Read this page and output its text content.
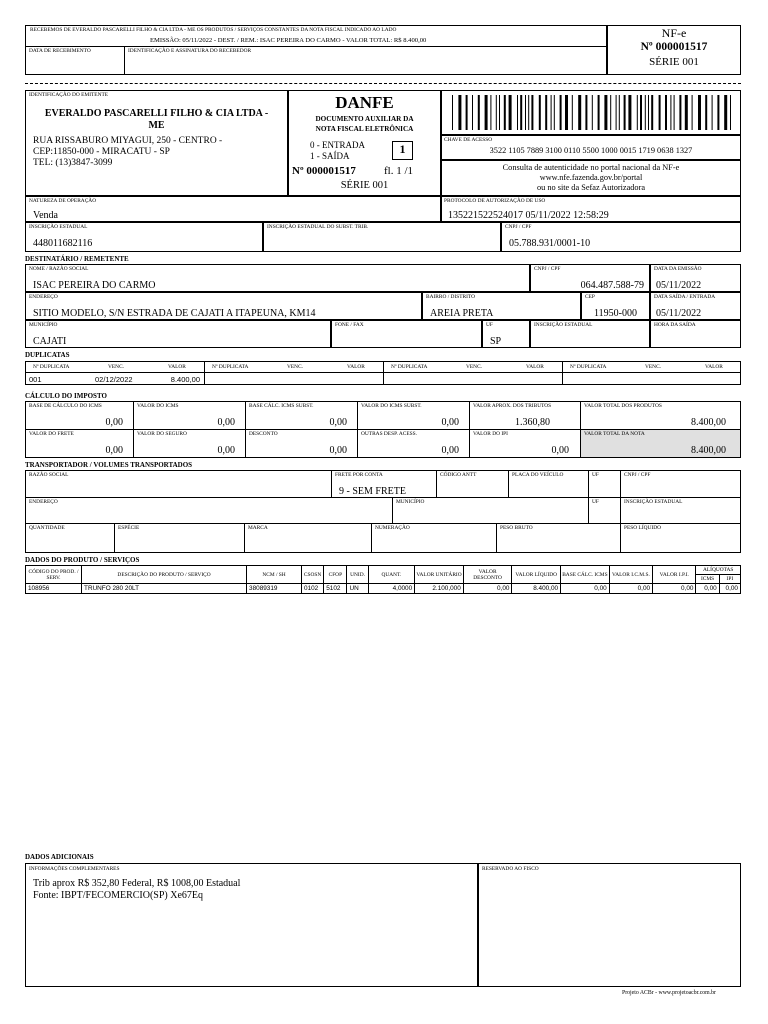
RECEBEMOS DE EVERALDO PASCARELLI FILHO & CIA LTDA - ME OS PRODUTOS / SERVIÇOS CONSTANTES DA NOTA FISCAL INDICADO AO LADO
EMISSÃO: 05/11/2022 - DEST. / REM.: ISAC PEREIRA DO CARMO - VALOR TOTAL: R$ 8.400,00
DATA DE RECEBIMENTO	IDENTIFICAÇÃO E ASSINATURA DO RECEBEDOR
NF-e
Nº 000001517
SÉRIE 001
IDENTIFICAÇÃO DO EMITENTE
EVERALDO PASCARELLI FILHO & CIA LTDA -
ME
RUA RISSABURO MIYAGUI, 250 - CENTRO -
CEP:11850-000 - MIRACATU - SP
TEL: (13)3847-3099
DANFE
DOCUMENTO AUXILIAR DA
NOTA FISCAL ELETRÔNICA
0 - ENTRADA
1 - SAÍDA	1
Nº 000001517	fl. 1 /1
SÉRIE 001
CHAVE DE ACESSO
3522 1105 7889 3100 0110 5500 1000 0015 1719 0638 1327
Consulta de autenticidade no portal nacional da NF-e
www.nfe.fazenda.gov.br/portal
ou no site da Sefaz Autorizadora
NATUREZA DE OPERAÇÃO
Venda
PROTOCOLO DE AUTORIZAÇÃO DE USO
135221522524017 05/11/2022 12:58:29
INSCRIÇÃO ESTADUAL
448011682116
INSCRIÇÃO ESTADUAL DO SUBST. TRIB.	CNPJ / CPF
05.788.931/0001-10
DESTINATÁRIO / REMETENTE
NOME / RAZÃO SOCIAL
ISAC PEREIRA DO CARMO
CNPJ / CPF
064.487.588-79
DATA DA EMISSÃO
05/11/2022
ENDEREÇO
SITIO MODELO, S/N ESTRADA DE CAJATI A ITAPEUNA, KM14
BAIRRO / DISTRITO
AREIA PRETA
CEP
11950-000
DATA SAÍDA / ENTRADA
05/11/2022
MUNICÍPIO
CAJATI
FONE / FAX	UF
SP
INSCRIÇÃO ESTADUAL	HORA DA SAÍDA
DUPLICATAS
Nº DUPLICATA	VENC.	VALOR	Nº DUPLICATA	VENC.	VALOR	Nº DUPLICATA	VENC.	VALOR	Nº DUPLICATA	VENC.	VALOR
001	02/12/2022	8.400,00
CÁLCULO DO IMPOSTO
BASE DE CÁLCULO DO ICMS
0,00
VALOR DO ICMS
0,00
BASE CÁLC. ICMS SUBST.
0,00
VALOR DO ICMS SUBST.
0,00
VALOR APROX. DOS TRIBUTOS
1.360,80
VALOR TOTAL DOS PRODUTOS
8.400,00
VALOR DO FRETE
0,00
VALOR DO SEGURO
0,00
DESCONTO
0,00
OUTRAS DESP. ACESS.
0,00
VALOR DO IPI
0,00
VALOR TOTAL DA NOTA
8.400,00
TRANSPORTADOR / VOLUMES TRANSPORTADOS
RAZÃO SOCIAL	FRETE POR CONTA
9 - SEM FRETE
CÓDIGO ANTT	PLACA DO VEÍCULO	UF	CNPJ / CPF
ENDEREÇO	MUNICÍPIO	UF	INSCRIÇÃO ESTADUAL
QUANTIDADE	ESPÉCIE	MARCA	NUMERAÇÃO	PESO BRUTO	PESO LÍQUIDO
DADOS DO PRODUTO / SERVIÇOS
CÓDIGO DO PROD. / SERV.	DESCRIÇÃO DO PRODUTO / SERVIÇO	NCM / SH	CSOSN	CFOP	UNID.	QUANT.	VALOR UNITÁRIO	VALOR DESCONTO	VALOR LÍQUIDO	BASE CÁLC. ICMS	VALOR I.C.M.S.	VALOR I.P.I.	ALÍQUOTAS	
													ICMS	IPI
108956	TRUNFO 280 20LT	38089319	0102	5102	UN	4,0000	2.100,000	0,00	8.400,00	0,00	0,00	0,00	0,00	0,00
DADOS ADICIONAIS
INFORMAÇÕES COMPLEMENTARES
Trib aprox R$ 352,80 Federal, R$ 1008,00 Estadual
Fonte: IBPT/FECOMERCIO(SP) Xe67Eq
RESERVADO AO FISCO
Projeto ACBr - www.projetoacbr.com.br
